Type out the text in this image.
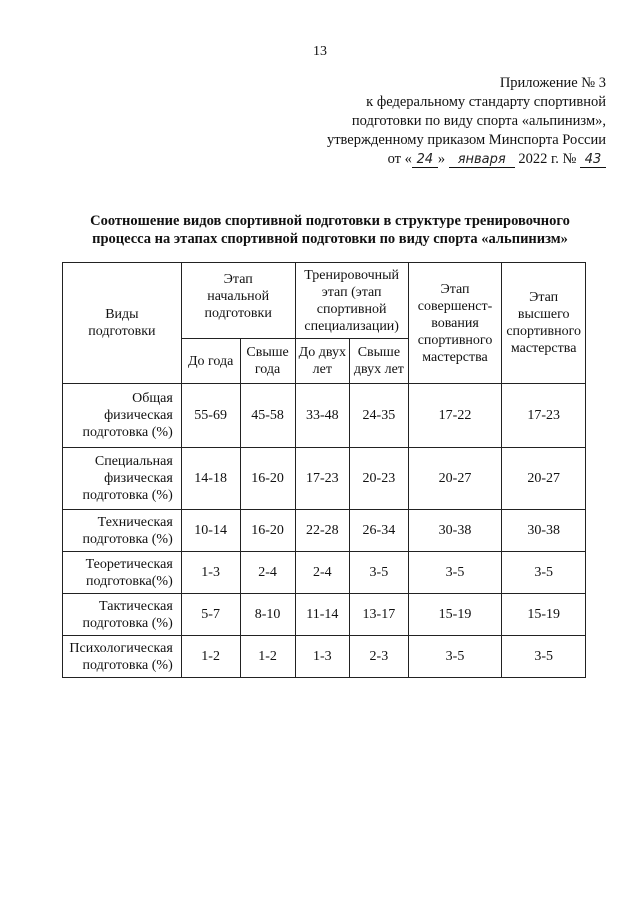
13
Приложение № 3
к федеральному стандарту спортивной
подготовки по виду спорта «альпинизм»,
утвержденному приказом Минспорта России
от « 24 » января 2022 г. № 43
Соотношение видов спортивной подготовки в структуре тренировочного процесса на этапах спортивной подготовки по виду спорта «альпинизм»
Виды подготовки	Этап начальной подготовки		Тренировочный этап (этап спортивной специализации)		Этап совершенст-вования спортивного мастерства	Этап высшего спортивного мастерства
	До года	Свыше года	До двух лет	Свыше двух лет		
Общая физическая подготовка (%)	55-69	45-58	33-48	24-35	17-22	17-23
Специальная физическая подготовка (%)	14-18	16-20	17-23	20-23	20-27	20-27
Техническая подготовка (%)	10-14	16-20	22-28	26-34	30-38	30-38
Теоретическая подготовка(%)	1-3	2-4	2-4	3-5	3-5	3-5
Тактическая подготовка (%)	5-7	8-10	11-14	13-17	15-19	15-19
Психологическая подготовка (%)	1-2	1-2	1-3	2-3	3-5	3-5
